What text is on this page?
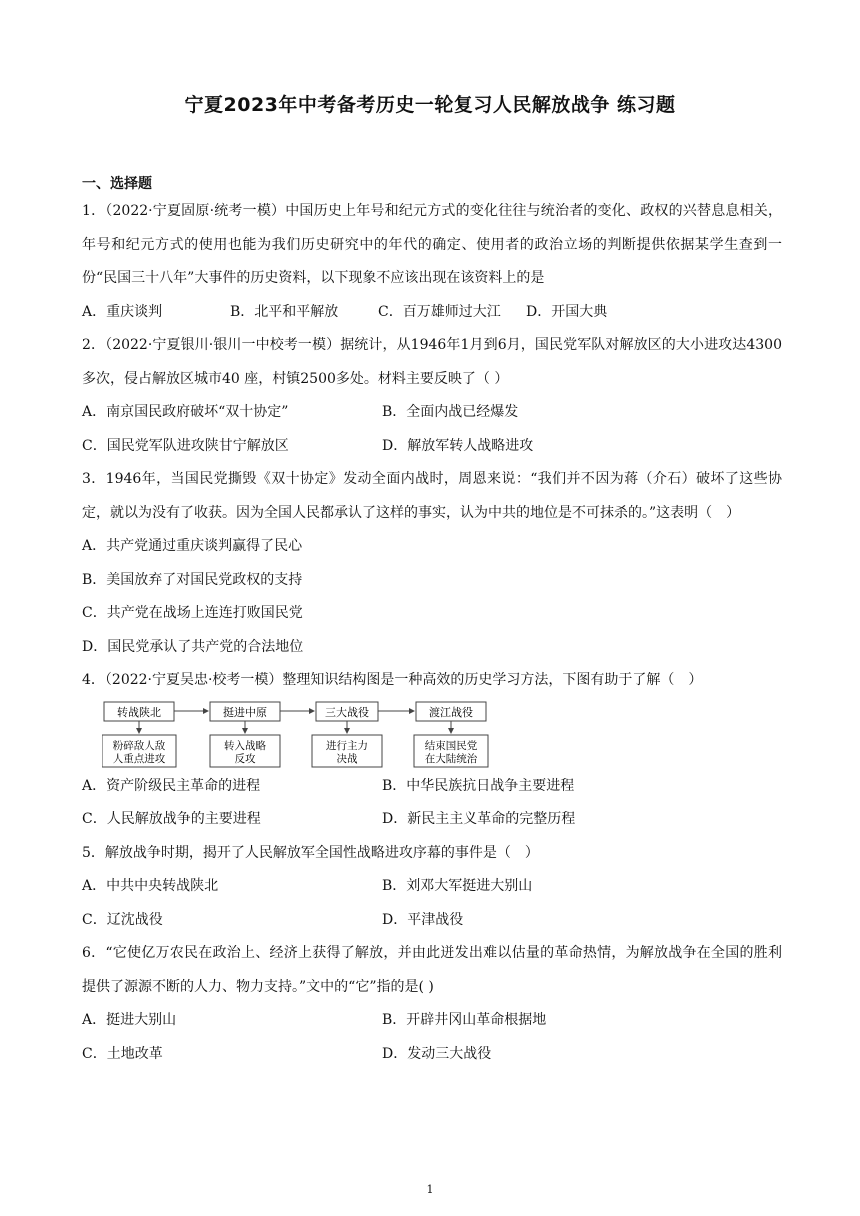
宁夏2023年中考备考历史一轮复习人民解放战争 练习题
一、选择题
1．（2022·宁夏固原·统考一模）中国历史上年号和纪元方式的变化往往与统治者的变化、政权的兴替息息相关，年号和纪元方式的使用也能为我们历史研究中的年代的确定、使用者的政治立场的判断提供依据某学生查到一份“民国三十八年”大事件的历史资料，以下现象不应该出现在该资料上的是
A．重庆谈判	B．北平和平解放	C．百万雄师过大江	D．开国大典
2．（2022·宁夏银川·银川一中校考一模）据统计，从1946年1月到6月，国民党军队对解放区的大小进攻达4300多次，侵占解放区城市40 座，村镇2500多处。材料主要反映了（ ）
A．南京国民政府破坏“双十协定”	B．全面内战已经爆发
C．国民党军队进攻陕甘宁解放区	D．解放军转人战略进攻
3．1946年，当国民党撕毁《双十协定》发动全面内战时，周恩来说：“我们并不因为蒋（介石）破坏了这些协定，就以为没有了收获。因为全国人民都承认了这样的事实，认为中共的地位是不可抹杀的。”这表明（　）
A．共产党通过重庆谈判赢得了民心
B．美国放弃了对国民党政权的支持
C．共产党在战场上连连打败国民党
D．国民党承认了共产党的合法地位
4．（2022·宁夏吴忠·校考一模）整理知识结构图是一种高效的历史学习方法，下图有助于了解（　）
转战陕北	挺进中原	三大战役	渡江战役
粉碎敌人敌
人重点进攻
转入战略
反攻
进行主力
决战
结束国民党
在大陆统治
A．资产阶级民主革命的进程	B．中华民族抗日战争主要进程
C．人民解放战争的主要进程	D．新民主主义革命的完整历程
5．解放战争时期，揭开了人民解放军全国性战略进攻序幕的事件是（　）
A．中共中央转战陕北	B．刘邓大军挺进大别山
C．辽沈战役	D．平津战役
6．“它使亿万农民在政治上、经济上获得了解放，并由此迸发出难以估量的革命热情，为解放战争在全国的胜利提供了源源不断的人力、物力支持。”文中的“它”指的是( )
A．挺进大别山	B．开辟井冈山革命根据地
C．土地改革	D．发动三大战役
1
